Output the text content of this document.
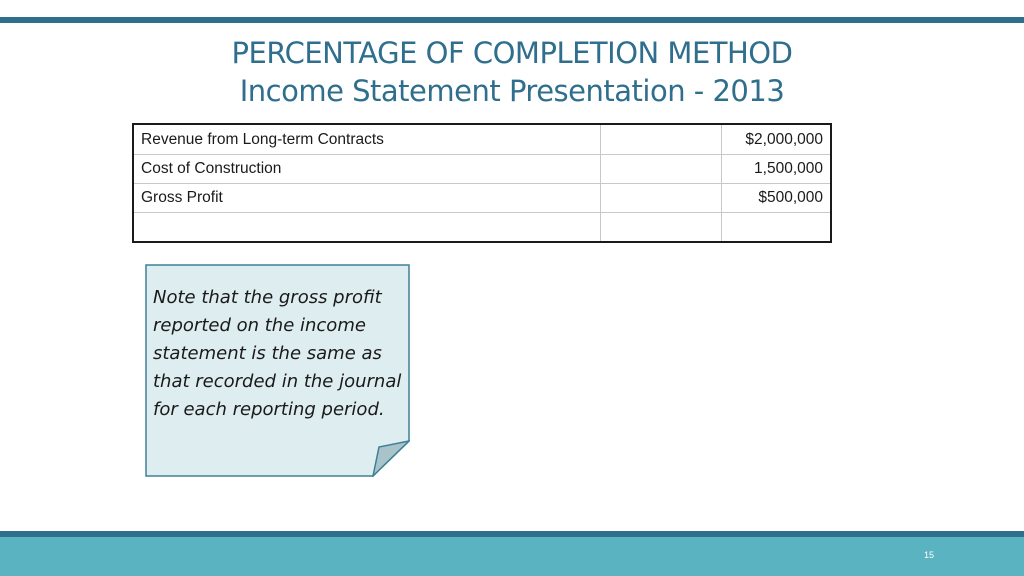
PERCENTAGE OF COMPLETION METHOD
Income Statement Presentation - 2013
Revenue from Long-term Contracts		$2,000,000
Cost of Construction		1,500,000
Gross Profit		$500,000

Note that the gross profit reported on the income statement is the same as that recorded in the journal for each reporting period.
15
